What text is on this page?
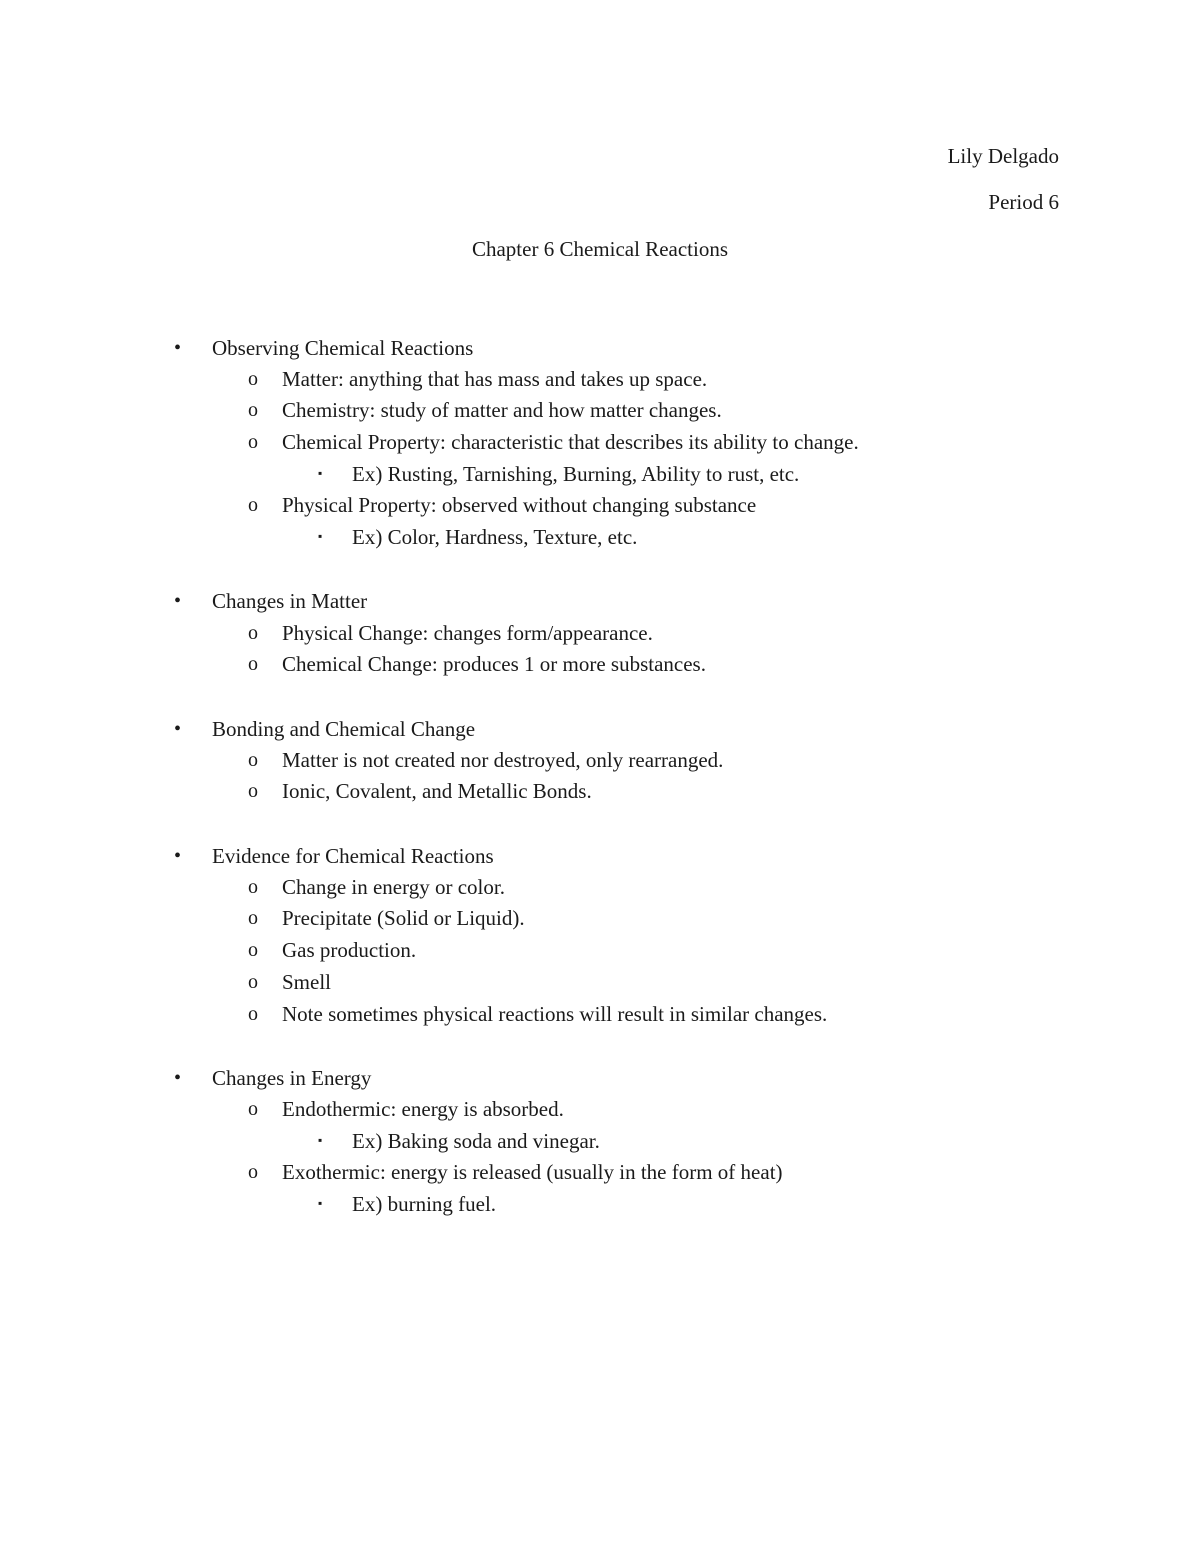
Lily Delgado
Period 6
Chapter 6 Chemical Reactions
• Observing Chemical Reactions
o Matter: anything that has mass and takes up space.
o Chemistry: study of matter and how matter changes.
o Chemical Property: characteristic that describes its ability to change.
▪ Ex) Rusting, Tarnishing, Burning, Ability to rust, etc.
o Physical Property: observed without changing substance
▪ Ex) Color, Hardness, Texture, etc.
• Changes in Matter
o Physical Change: changes form/appearance.
o Chemical Change: produces 1 or more substances.
• Bonding and Chemical Change
o Matter is not created nor destroyed, only rearranged.
o Ionic, Covalent, and Metallic Bonds.
• Evidence for Chemical Reactions
o Change in energy or color.
o Precipitate (Solid or Liquid).
o Gas production.
o Smell
o Note sometimes physical reactions will result in similar changes.
• Changes in Energy
o Endothermic: energy is absorbed.
▪ Ex) Baking soda and vinegar.
o Exothermic: energy is released (usually in the form of heat)
▪ Ex) burning fuel.
